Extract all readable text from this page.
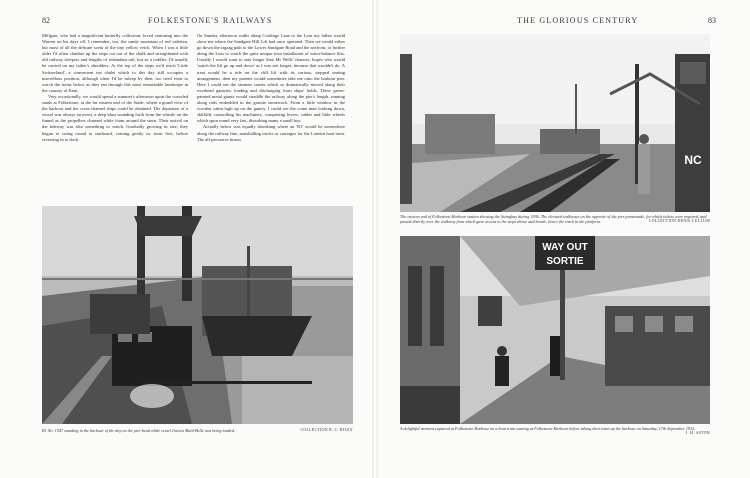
82	FOLKESTONE'S RAILWAYS

Millgate, who had a magnificent butterfly collection, loved venturing into the Warren on his days off. I remember, too, the sandy mountain of red valerian, but most of all the delicate scent of the tiny yellow vetch. When I was a little older I'd often clamber up the steps cut out of the chalk and strengthened with old railway sleepers and lengths of redundant rail, but as a toddler, I'd usually be carried on my father's shoulders. At the top of the steps we'd reach 'Little Switzerland', a convenient tea chalet which to this day still occupies a marvellous position, although often I'd be asleep by then, too tired even to watch the trains below as they ran through this most remarkable landscape in the country of Kent.

Very occasionally, we would spend a summer's afternoon upon the crowded sands at Folkestone, at the far eastern end of the Stade, where a grand view of the harbour and the cross-channel ships could be obtained. The departure of a vessel was always an event, a deep blast sounding forth from the whistle on the funnel as the propellers churned white foam around the stern. Their arrival on the tideway was also something to watch. Gradually growing in size, they began to swing round to starboard, coming gently in, stern first, before reversing in to dock.

On Sunday afternoon walks along Coolinge Lane to the Leas my father would show me where the Sandgate Hill Lift had once operated. Then we would either go down the zigzag path to the Lower Sandgate Road and the seafront, or further along the Leas to watch the quite unique twin installation of water-balance lifts. Usually I would want to stay longer than Mr Wells' chances, hopes who would 'watch the lift go up and down' as I was not longer, because that wouldn't do. A treat would be a ride on the cliff lift with its curious, stepped seating arrangement, then my parents would sometimes take me onto the harbour pier. Here I could see the steamer cranes which so dramatically moved along their overhead gantries, loading and discharging from ships' holds. These green-painted metal giants would straddle the railway along the pier's length, running along rails embedded in the granite stonework. From a little window in the wooden cabin high up on the gantry, I could see the crane man looking down, skilfully controlling his machinery, comprising levers, cables and little wheels which spun round very fast, disturbing many a small boy.

Actually below was equally absorbing where an 'R1' would be somewhere along the railway line, marshalling trucks or carriages for the London boat train. The all-pervasive brassy

COLLECTION R. C. RILEY
R1 No. 1047 standing in the harbour of the day on the pier-head while vessel Invicta Maid-Belle was being loaded.
THE GLORIOUS CENTURY	83
NC
The eastern end of Folkestone Harbour station showing the Swingbay during 1936. The elevated walkways on the opposite of the pier promenade, for which tickets were required, and passed directly over the walkway from which gave access to the steps above and beside, hence the track in the platform.	COLLECTION DENIS CULLUM
WAY OUT
SORTIE
A delightful moment captured at Folkestone Harbour on a boat train waiting at Folkestone Harbour before taking their train up the harbour on Saturday, 17th September 1932.
J. H. ASTON
